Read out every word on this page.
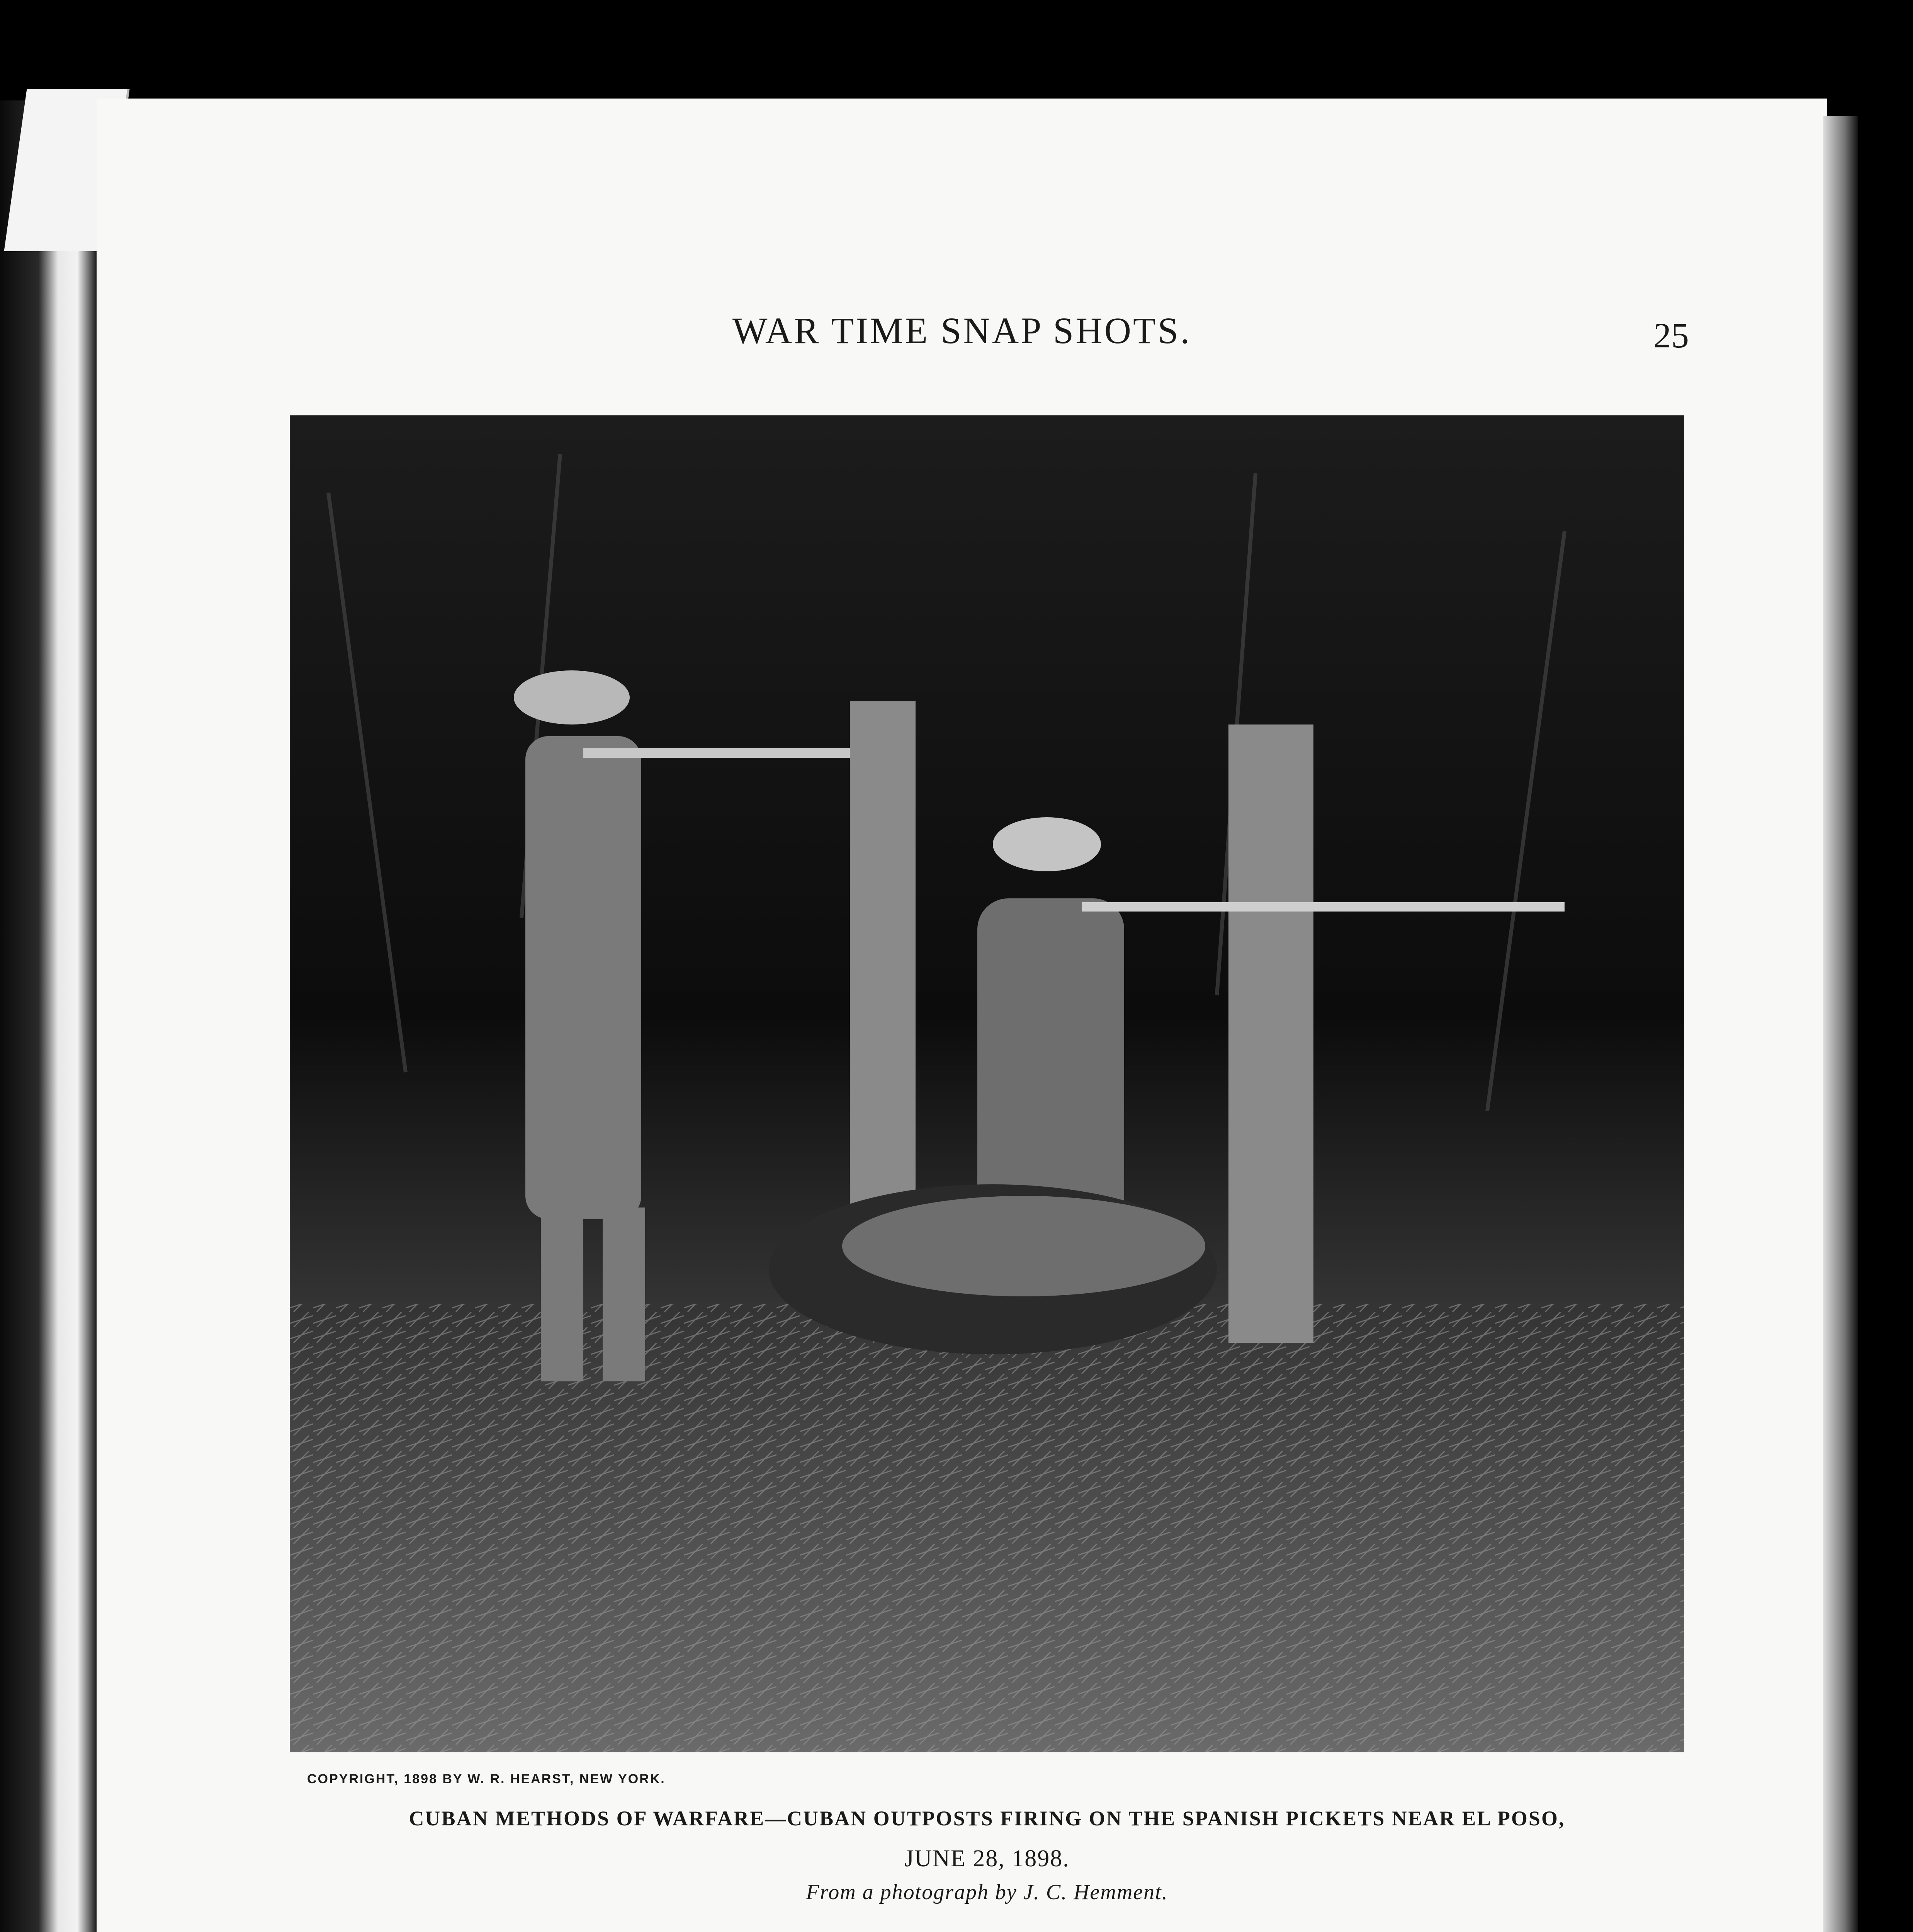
WAR TIME SNAP SHOTS.	25
COPYRIGHT, 1898 BY W. R. HEARST, NEW YORK.
CUBAN METHODS OF WARFARE—CUBAN OUTPOSTS FIRING ON THE SPANISH PICKETS NEAR EL POSO,
JUNE 28, 1898.
From a photograph by J. C. Hemment.
